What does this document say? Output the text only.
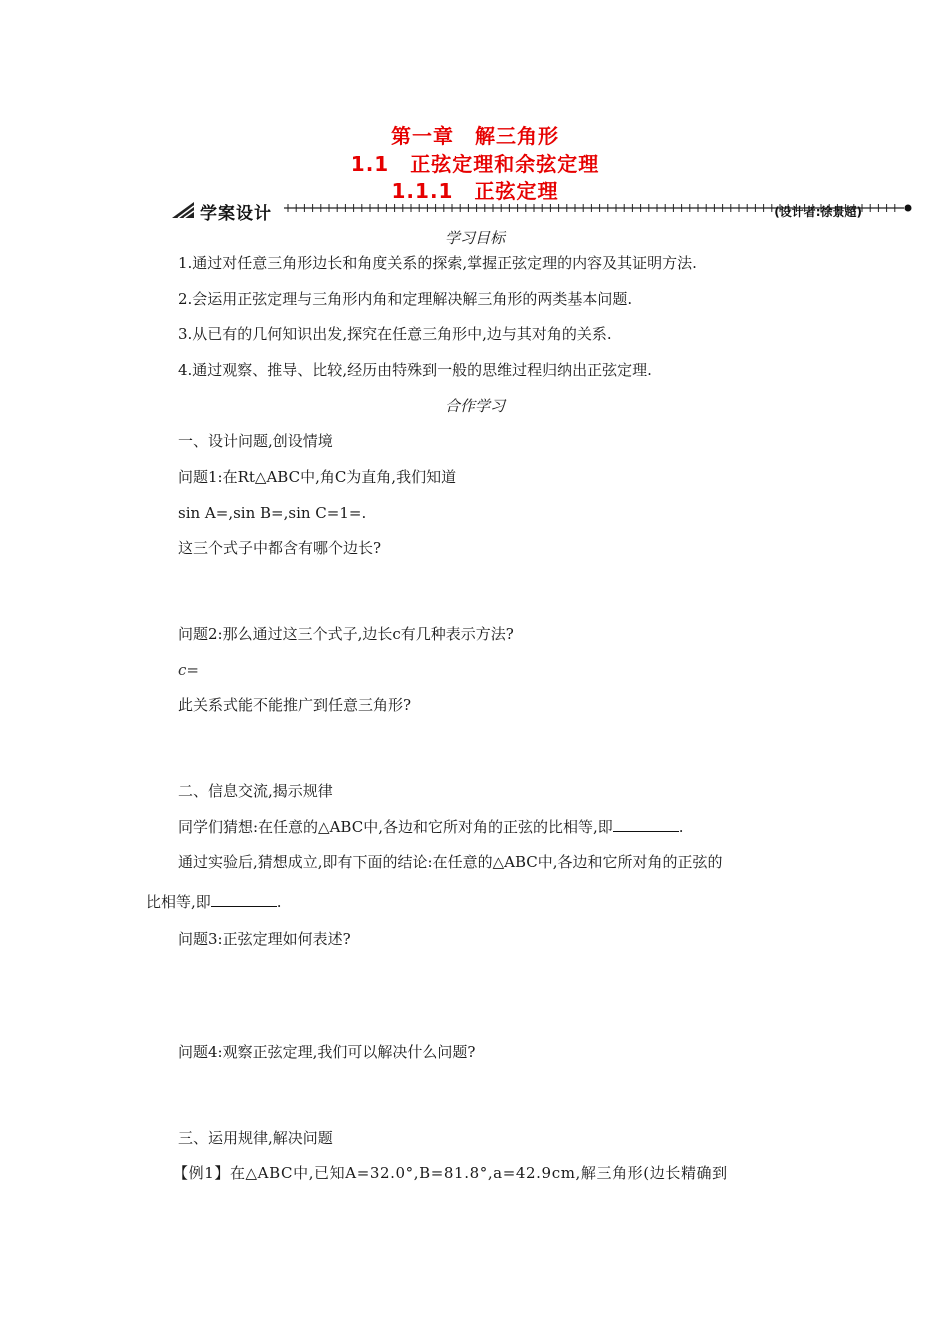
第一章　解三角形
1.1　正弦定理和余弦定理
1.1.1　正弦定理
学案设计	(设计者:徐景超)
学习目标
1.通过对任意三角形边长和角度关系的探索,掌握正弦定理的内容及其证明方法.
2.会运用正弦定理与三角形内角和定理解决解三角形的两类基本问题.
3.从已有的几何知识出发,探究在任意三角形中,边与其对角的关系.
4.通过观察、推导、比较,经历由特殊到一般的思维过程归纳出正弦定理.
合作学习
一、设计问题,创设情境
问题1:在Rt△ABC中,角C为直角,我们知道
sin A=,sin B=,sin C=1=.
这三个式子中都含有哪个边长?
问题2:那么通过这三个式子,边长c有几种表示方法?
c=
此关系式能不能推广到任意三角形?
二、信息交流,揭示规律
同学们猜想:在任意的△ABC中,各边和它所对角的正弦的比相等,即	.
通过实验后,猜想成立,即有下面的结论:在任意的△ABC中,各边和它所对角的正弦的
比相等,即	.
问题3:正弦定理如何表述?
问题4:观察正弦定理,我们可以解决什么问题?
三、运用规律,解决问题
【例1】在△ABC中,已知A=32.0°,B=81.8°,a=42.9cm,解三角形(边长精确到
